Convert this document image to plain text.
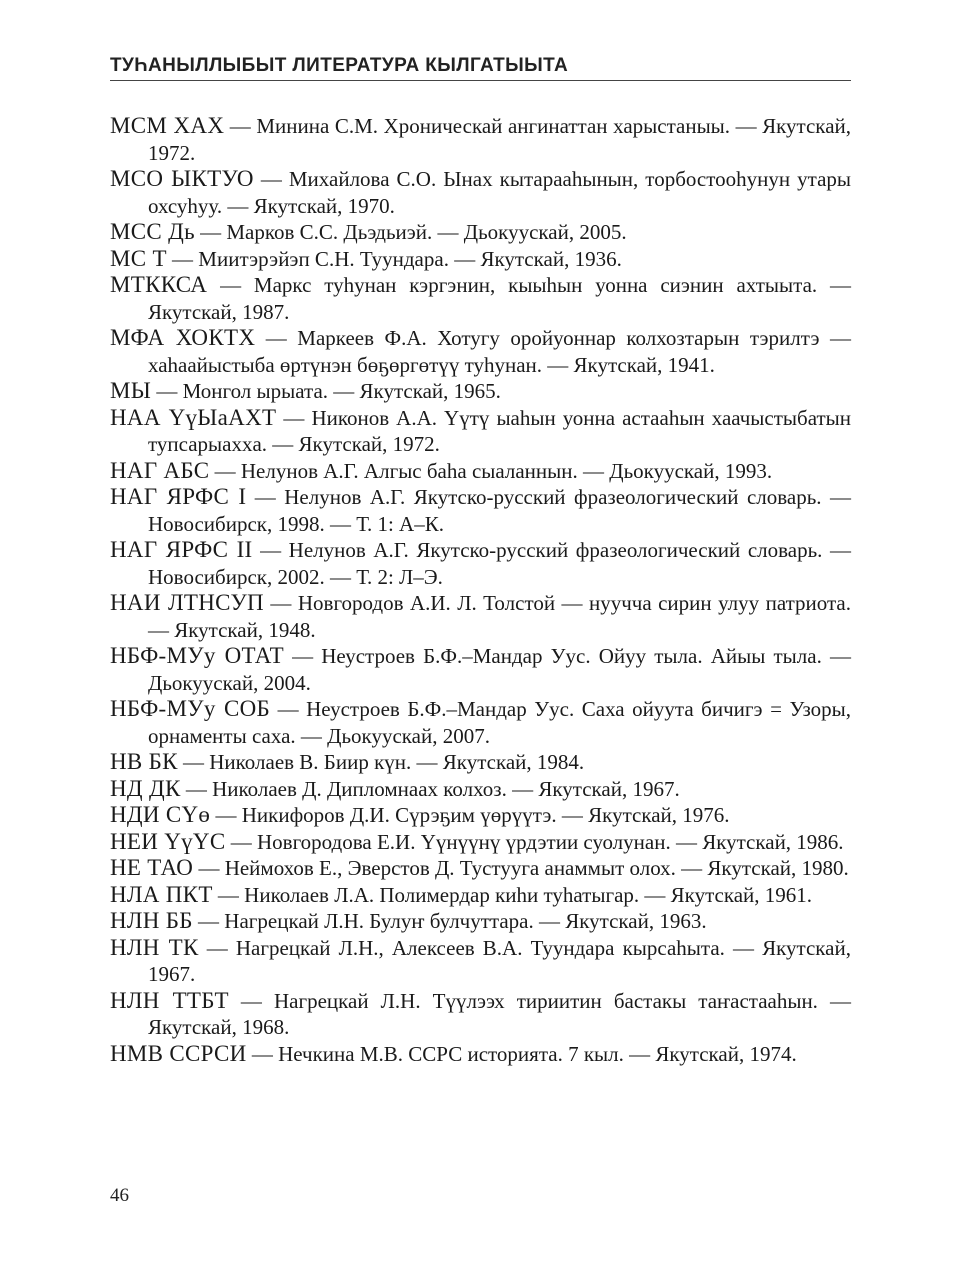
ТУҺАНЫЛЛЫБЫТ ЛИТЕРАТУРА КЫЛГАТЫЫТА

МСМ ХАХ — Минина С.М. Хроническай ангинаттан харыстаныы. — Якутскай, 1972.

МСО ЫКТУО — Михайлова С.О. Ынах кытарааһынын, торбостооһунун утары охсуһуу. — Якутскай, 1970.

МСС Дь — Марков С.С. Дьэдьиэй. — Дьокуускай, 2005.

МС Т — Миитэрэйэп С.Н. Туундара. — Якутскай, 1936.

МТККСА — Маркс туһунан кэргэнин, кыыһын уонна сиэнин ахтыыта. — Якутскай, 1987.

МФА ХОКТХ — Маркеев Ф.А. Хотугу оройуоннар колхозтарын тэрилтэ — хаһаайыстыба өртүнэн бөҕөргөтүү туһунан. — Якутскай, 1941.

МЫ — Монгол ырыата. — Якутскай, 1965.

НАА ҮүЫаАХТ — Никонов А.А. Үүтү ыаһын уонна астааһын хаачыстыбатын тупсарыаххa. — Якутскай, 1972.

НАГ АБС — Нелунов А.Г. Алгыс баһа сыаланнын. — Дьокуускай, 1993.

НАГ ЯРФС I — Нелунов А.Г. Якутско-русский фразеологический словарь. — Новосибирск, 1998. — Т. 1: А–К.

НАГ ЯРФС II — Нелунов А.Г. Якутско-русский фразеологический словарь. — Новосибирск, 2002. — Т. 2: Л–Э.

НАИ ЛТНСУП — Новгородов А.И. Л. Толстой — нууччa сирин улуу патриота. — Якутскай, 1948.

НБФ-МУу ОТАТ — Неустроев Б.Ф.–Мандар Уус. Ойуу тыла. Айыы тыла. — Дьокуускай, 2004.

НБФ-МУу СОБ — Неустроев Б.Ф.–Мандар Уус. Саха ойуута бичигэ = Узоры, орнаменты саха. — Дьокуускай, 2007.

НВ БК — Николаев В. Биир күн. — Якутскай, 1984.

НД ДК — Николаев Д. Дипломнаах колхоз. — Якутскай, 1967.

НДИ СҮө — Никифоров Д.И. Сүрэҕим үөрүүтэ. — Якутскай, 1976.

НЕИ ҮүҮС — Новгородова Е.И. Үүнүүнү үрдэтии суолунан. — Якутскай, 1986.

НЕ ТАО — Неймохов Е., Эверстов Д. Тустууга анаммыт олох. — Якутскай, 1980.

НЛА ПКТ — Николаев Л.А. Полимердар киһи туһатыгар. — Якутскай, 1961.

НЛН ББ — Нагрецкай Л.Н. Булуҥ булчуттара. — Якутскай, 1963.

НЛН ТК — Нагрецкай Л.Н., Алексеев В.А. Туундара кырсаһыта. — Якутскай, 1967.

НЛН ТТБТ — Нагрецкай Л.Н. Түүлээх тириитин бастакы таҥастааһын. — Якутскай, 1968.

НМВ ССРСИ — Нечкина М.В. ССРС историята. 7 кыл. — Якутскай, 1974.

46
